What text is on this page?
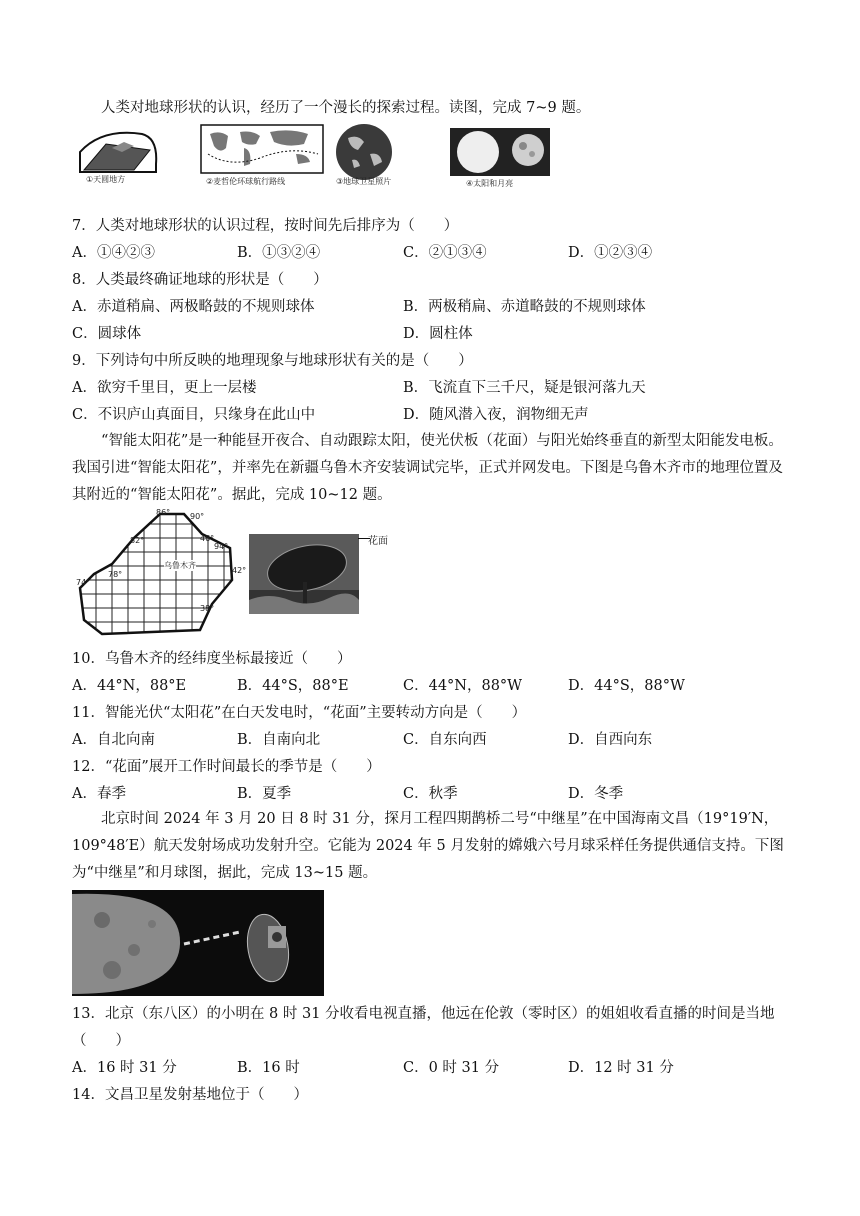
人类对地球形状的认识，经历了一个漫长的探索过程。读图，完成 7~9 题。
①天圆地方	②麦哲伦环球航行路线	③地球卫星照片	④太阳和月亮
7．人类对地球形状的认识过程，按时间先后排序为（　　）
A．①④②③	B．①③②④	C．②①③④	D．①②③④
8．人类最终确证地球的形状是（　　）
A．赤道稍扁、两极略鼓的不规则球体	B．两极稍扁、赤道略鼓的不规则球体
C．圆球体	D．圆柱体
9．下列诗句中所反映的地理现象与地球形状有关的是（　　）
A．欲穷千里目，更上一层楼	B．飞流直下三千尺，疑是银河落九天
C．不识庐山真面目，只缘身在此山中	D．随风潜入夜，润物细无声
“智能太阳花”是一种能昼开夜合、自动跟踪太阳，使光伏板（花面）与阳光始终垂直的新型太阳能发电板。我国引进“智能太阳花”，并率先在新疆乌鲁木齐安装调试完毕，正式并网发电。下图是乌鲁木齐市的地理位置及其附近的“智能太阳花”。据此，完成 10~12 题。
86° 90°
82°	46°
94°
42°
78°
74°
38°
乌鲁木齐
花面
10．乌鲁木齐的经纬度坐标最接近（　　）
A．44°N，88°E	B．44°S，88°E	C．44°N，88°W	D．44°S，88°W
11．智能光伏“太阳花”在白天发电时，“花面”主要转动方向是（　　）
A．自北向南	B．自南向北	C．自东向西	D．自西向东
12．“花面”展开工作时间最长的季节是（　　）
A．春季	B．夏季	C．秋季	D．冬季
北京时间 2024 年 3 月 20 日 8 时 31 分，探月工程四期鹊桥二号“中继星”在中国海南文昌（19°19′N，109°48′E）航天发射场成功发射升空。它能为 2024 年 5 月发射的嫦娥六号月球采样任务提供通信支持。下图为“中继星”和月球图，据此，完成 13~15 题。
13．北京（东八区）的小明在 8 时 31 分收看电视直播，他远在伦敦（零时区）的姐姐收看直播的时间是当地
（　　）
A．16 时 31 分	B．16 时	C．0 时 31 分	D．12 时 31 分
14．文昌卫星发射基地位于（　　）
